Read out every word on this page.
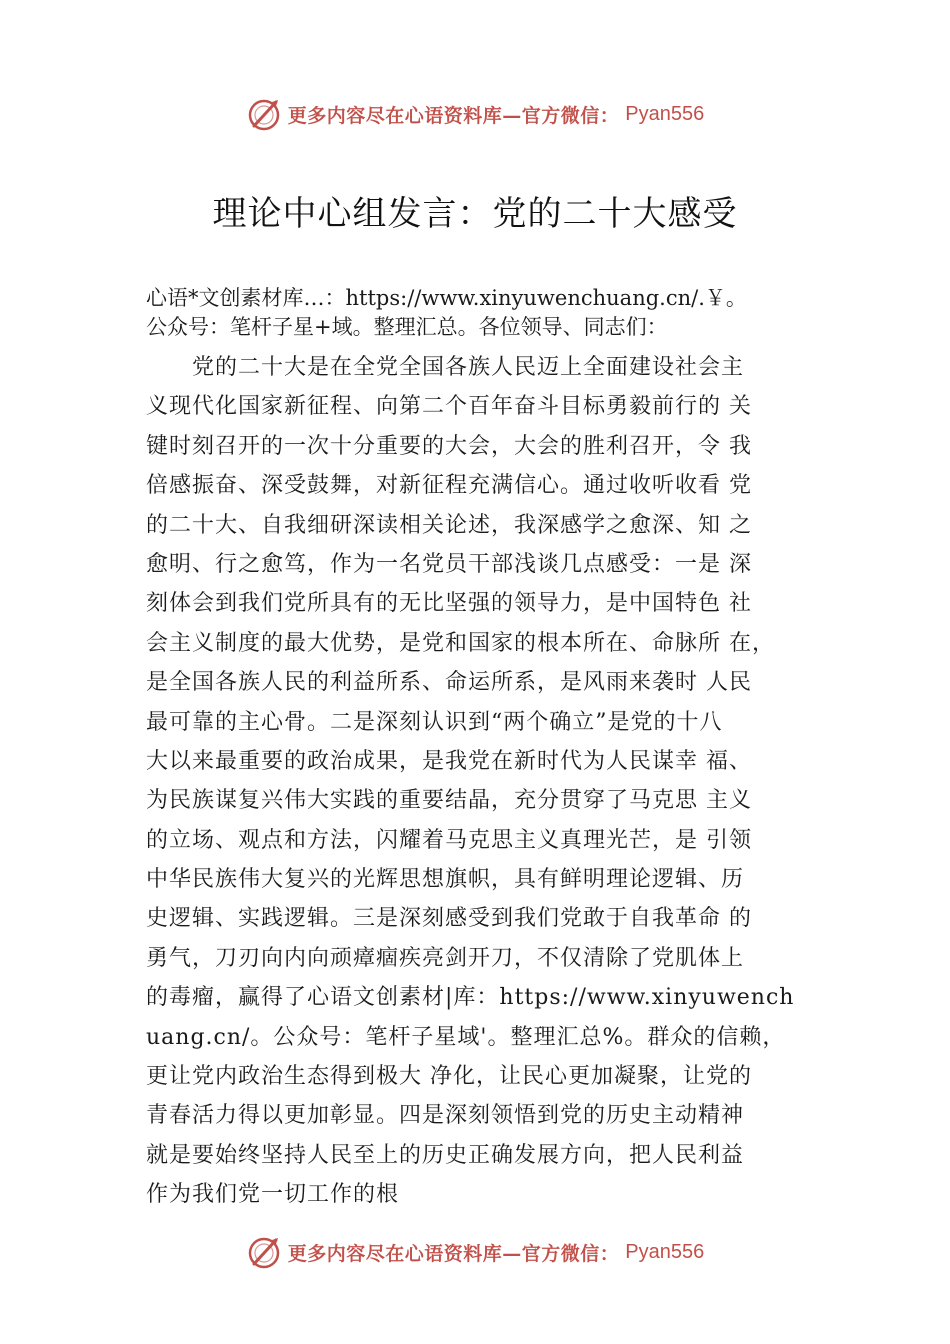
更多内容尽在心语资料库—官方微信： Pyan556
理论中心组发言：党的二十大感受
心语*文创素材库…：https://www.xinyuwenchuang.cn/.￥。
公众号：笔杆子星+域。整理汇总。各位领导、同志们：
　　党的二十大是在全党全国各族人民迈上全面建设社会主
义现代化国家新征程、向第二个百年奋斗目标勇毅前行的 关
键时刻召开的一次十分重要的大会，大会的胜利召开，令 我
倍感振奋、深受鼓舞，对新征程充满信心。通过收听收看 党
的二十大、自我细研深读相关论述，我深感学之愈深、知 之
愈明、行之愈笃，作为一名党员干部浅谈几点感受：一是 深
刻体会到我们党所具有的无比坚强的领导力，是中国特色 社
会主义制度的最大优势，是党和国家的根本所在、命脉所 在，
是全国各族人民的利益所系、命运所系，是风雨来袭时 人民
最可靠的主心骨。二是深刻认识到“两个确立”是党的十八
大以来最重要的政治成果，是我党在新时代为人民谋幸 福、
为民族谋复兴伟大实践的重要结晶，充分贯穿了马克思 主义
的立场、观点和方法，闪耀着马克思主义真理光芒，是 引领
中华民族伟大复兴的光辉思想旗帜，具有鲜明理论逻辑、历
史逻辑、实践逻辑。三是深刻感受到我们党敢于自我革命 的
勇气，刀刃向内向顽瘴痼疾亮剑开刀，不仅清除了党肌体上
的毒瘤，赢得了心语文创素材|库：https://www.xinyuwench
uang.cn/。公众号：笔杆子星域'。整理汇总%。群众的信赖，
更让党内政治生态得到极大 净化，让民心更加凝聚，让党的
青春活力得以更加彰显。四是深刻领悟到党的历史主动精神
就是要始终坚持人民至上的历史正确发展方向，把人民利益
作为我们党一切工作的根
更多内容尽在心语资料库—官方微信： Pyan556
